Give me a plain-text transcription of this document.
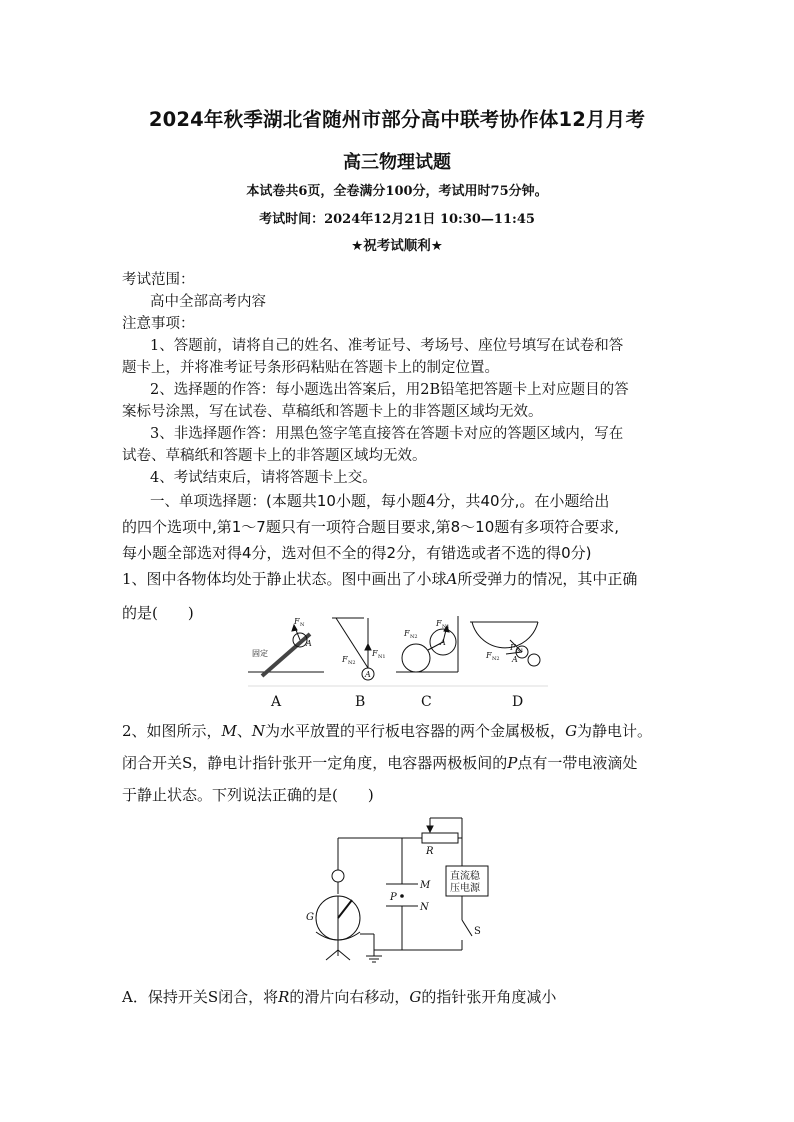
2024年秋季湖北省随州市部分高中联考协作体12月月考
高三物理试题
本试卷共6页，全卷满分100分，考试用时75分钟。
考试时间：2024年12月21日 10:30—11:45
★祝考试顺利★
考试范围：
高中全部高考内容
注意事项：
1、答题前，请将自己的姓名、准考证号、考场号、座位号填写在试卷和答
题卡上，并将准考证号条形码粘贴在答题卡上的制定位置。
2、选择题的作答：每小题选出答案后，用2B铅笔把答题卡上对应题目的答
案标号涂黑，写在试卷、草稿纸和答题卡上的非答题区域均无效。
3、非选择题作答：用黑色签字笔直接答在答题卡对应的答题区域内，写在
试卷、草稿纸和答题卡上的非答题区域均无效。
4、考试结束后，请将答题卡上交。
一、单项选择题：(本题共10小题，每小题4分，共40分,。在小题给出
的四个选项中,第1～7题只有一项符合题目要求,第8～10题有多项符合要求,
每小题全部选对得4分，选对但不全的得2分，有错选或者不选的得0分)
1、图中各物体均处于静止状态。图中画出了小球A所受弹力的情况，其中正确
的是(　　)
固定
F N
A
F N2
F N1
A
F N2
F N1
A
F N2
F N1
A
A	B	C	D
2、如图所示，M、N为水平放置的平行板电容器的两个金属极板，G为静电计。
闭合开关S，静电计指针张开一定角度，电容器两极板间的P点有一带电液滴处
于静止状态。下列说法正确的是(　　)
R
M
N
P
G
S
直流稳
压电源
A．保持开关S闭合，将R的滑片向右移动，G的指针张开角度减小
